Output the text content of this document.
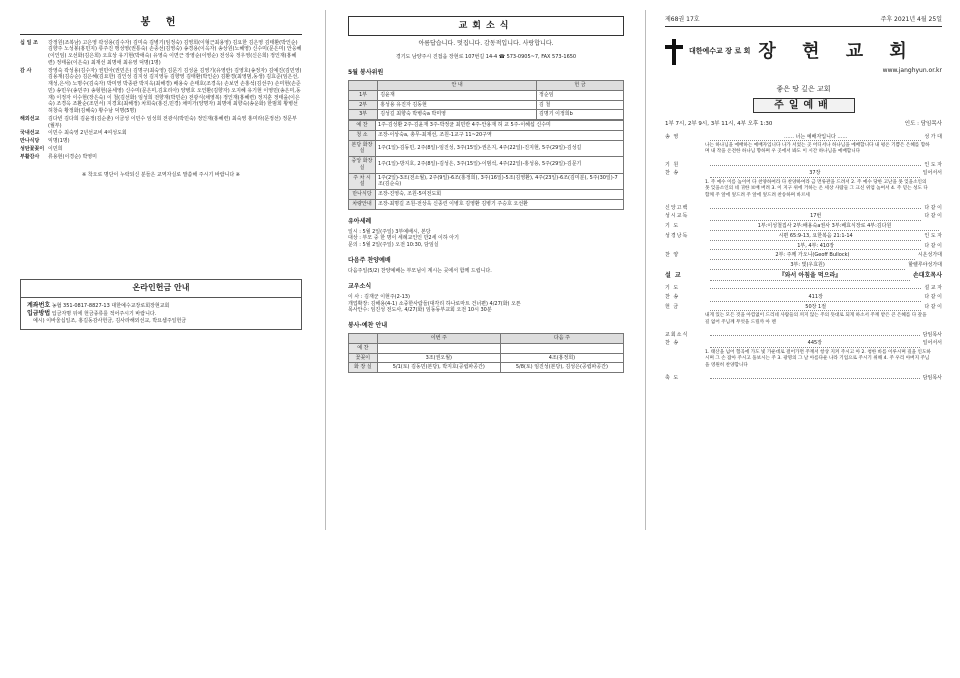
봉 헌
십 일 조	강정원(조복남) 고은영 곽성용(김수자) 김미숙 김병기(임정숙) 김영희(이형근최용영) 김요한 김은영 김태환(박인순) 김향주 노성봉(홍민지) 류주진 맹성영(권통숙) 손종선(김영숙) 송경용(이옥자) 송상원(노혜영) 신수미(문은미) 안응혜(이인임) 오선화(김은희) 오효상 유기현(박애숙) 유영숙 이면근 장영순(이영순) 전성욱 정우영(신은희) 정인재(홍혜련) 정태을(이은숙) 최재선 최명애 최유영 덕명(1명)
감 사	장영숙 곽성용(김수자) 권민아(권민은) 김명구(최숙영) 김문기 김성윤 김영기(유영란) 김영호(송정자) 김예진(김민영) 김용재(김승순) 김은혜(김요한) 김인성 김지성 김지영등 김향영 김태환(박인순) 김환경(최영범,동생) 김효준(임은선,재성,은서) 노명수(김숙자) 박미영 박종관 박지옥(최해경) 배용숙 손태호(조경옥) 손보연 손홍석(김선주) 손미현(손준민) 송민우(송민주) 송형현(윤세영) 신수미(문은미,김효리아) 양병호 오인환(김향자) 오지혜 유기현 이영민(송은미,동재) 이정자 이수현(장은숙) 이 철(김선화) 임성희 전향재(박민순) 전광식(채영복) 정인재(홍혜련) 정지훈 정태을(이은숙) 조경옥 조환순(조민서) 지경호(최해정) 차희숙(홍진,민경) 채미가(양명자) 최명애 최향숙(송운화) 한범희 황병선 허창숙 황정화(김혜숙) 황수남 덕명(5명)
해외선교	김다빈 김다희 김윤정(김순춘) 이금성 이민수 임성희 전광식(박민숙) 정인재(홍혜련) 최숙영 홍미라(문정선) 정문부(월부)
국내선교	이민수 최숙영 2년선교비 4여성도회
만나식당	익명(1명)
성탄꽃꽂이 이민희
부활감사	류용현(이경순) 박영미
※ 착오로 명단이 누락되신 분들은 교역자실로 말씀해 주시기 바랍니다 ※
온라인헌금 안내
계좌번호 농협 351-0817-8827-13 대한예수교장로회장현교회
입금방법 입금자명 뒤에 헌금종류를 적어주시기 바랍니다.
예시) 이바울십일조, 홍길동감사헌금, 김사라해외선교, 박요셉주일헌금
교회소식
아름답습니다. 멋집니다. 감동적입니다. 사랑합니다.
경기도 남양주시 진접읍 장현로 107번길 14-4 ☎ 573-0905~7, FAX 573-1650
5월 봉사위원
	안 내	헌 금
1부	김윤재	정순임
2부	홍성용 유진자 김동현	김 철
3부	김성길 최향숙 박병숙a 박미영	김명기 이정희b
예 찬	1주-김성환 2주-김윤재 3주-박정균 최민란 4주-안용재 허 교 5주-이혜섭 신수미
청 소	조장-이상숙a, 총무-최재선, 조원-1교구 11~20구역
본당 화장실	1주(1일)-김동민, 2주(8일)-임진성, 3주(15일)-권은지, 4주(22일)-진지현, 5주(29일)-김성길
중앙 화장실	1주(1일)-방지호, 2주(8일)-김성은, 3주(15일)-이범석, 4주(22일)-홍성용, 5주(29일)-김문기
주 차 시 설	1주(2일)-3조(전소월), 2주(9일)-6조(홍정희), 3주(16일)-5조(김영환), 4주(23일)-6조(김미분), 5주(30일)-7조(김순숙)
만나식당	조장-진영숙, 조원-5여전도회
차량안내	조장-최명길 조원-전상욱 신종린 이병호 김영환 김병기 주승호 오선환
유아세례
일시 : 5월 2일(주일) 3부예배시, 본당
대상 : 부모 중 한 명이 세례교인인 만2세 이하 아기
문의 : 5월 2일(주일) 오전 10:30, 담임실
다음주 찬양예배
다음주일(5/2) 찬양예배는 부모님이 계시는 곳에서 함께 드립니다.
교우소식
이 사 : 김재군 이현주(2-13)
개업확장: 김해용(4-1) 소중한사람들(대각리 하나로마트 건너편) 4/27(화) 오픈
목사안수: 임진성 전도사, 4/27(화) 임동동부교회 오전 10시 30분
봉사·예찬 안내
	이번 주	다음 주
예 찬		
꽃꽂이	3조(권오월)	4조(홍정희)
화 장 실	5/1(토) 김동민(본당), 박지호(공립파공간)	5/8(토) 임진성(본당), 김성은(공립파공간)
제68권 17호	주후 2021년 4월 25일
대한예수교 장 로 회 장 현 교 회
www.janghyun.or.kr
좋은 땅 깊은 교회
주일예배
1부 7시, 2부 9시, 3부 11시, 4부 오후 1:30	인도 : 담임목사
송 영	…… 너는 예배자입니다 ……	성 가 대
나는 하나님을 예배하는 예배자입니다 나가 서었는 곳 어디서나 하나님을 예배합니다 내 평온 기쁨은 은혜를 함하며 내 작을 온전한 하나님 향하며 우 곳에서 봐도 이 시간 하나님을 예배합니다
기 원	인 도 자
찬 송	37장	일어서서
1. 주 예수 이름 높이어 다 찬양하여라 다 찬양하여라 금 면류관을 드려서 2. 주 예수 당한 고난을 못 잊을소인의 못 잊을소인의 네 귀한 보배 버려 3. 이 지구 위에 거하는 온 세상 사람들 그 크신 위엄 높여서 4. 주 믿는 성도 다함께 주 앞에 엎드려 주 앞에 엎드려 찬송하며 바르세
신앙고백	다 같 이
성시교독	17번	다 같 이
기 도	1부:이성철집사 2부:배용숙a권사 3부:배효식장로 4부:김다원
성경낭독	시편 65:9-13, 요한복음 21:1-14	인 도 자
1부, 4부: 410장	다 같 이
찬 양	2부: 주께 가오니(Geoff Bullock)	시온성가대
3부: 빛(우효원)	할렐루야성가대
설 교	『와서 아침을 먹으라』	손대호목사
기 도	설 교 자
찬 송	411장	다 같 이
헌 금	50장 1절	다 같 이
내게 있는 모든 것을 아낌없이 드리네 사람들의 꺼지 않는 주의 뜻대로 되게 하소서 주께 받은 큰 은혜를 다 갚을 길 없어 주님께 무엇을 드릴까 아 멘
교회소식	담임목사
찬 송	445장	일어서서
1. 태산을 넘어 험곡에 가도 빛 가운데로 걸어가면 주께서 항상 지켜 주시고 아 2. 청한 바를 이루시며 길을 인도하시며 그 손 잡아 주시고 돌보시는 주 3. 광명의 그 날 아름다운 나라 기업으로 주시기 위해 4. 주 우리 아버지 주님을 영원히 찬양합니다
축 도	담임목사
